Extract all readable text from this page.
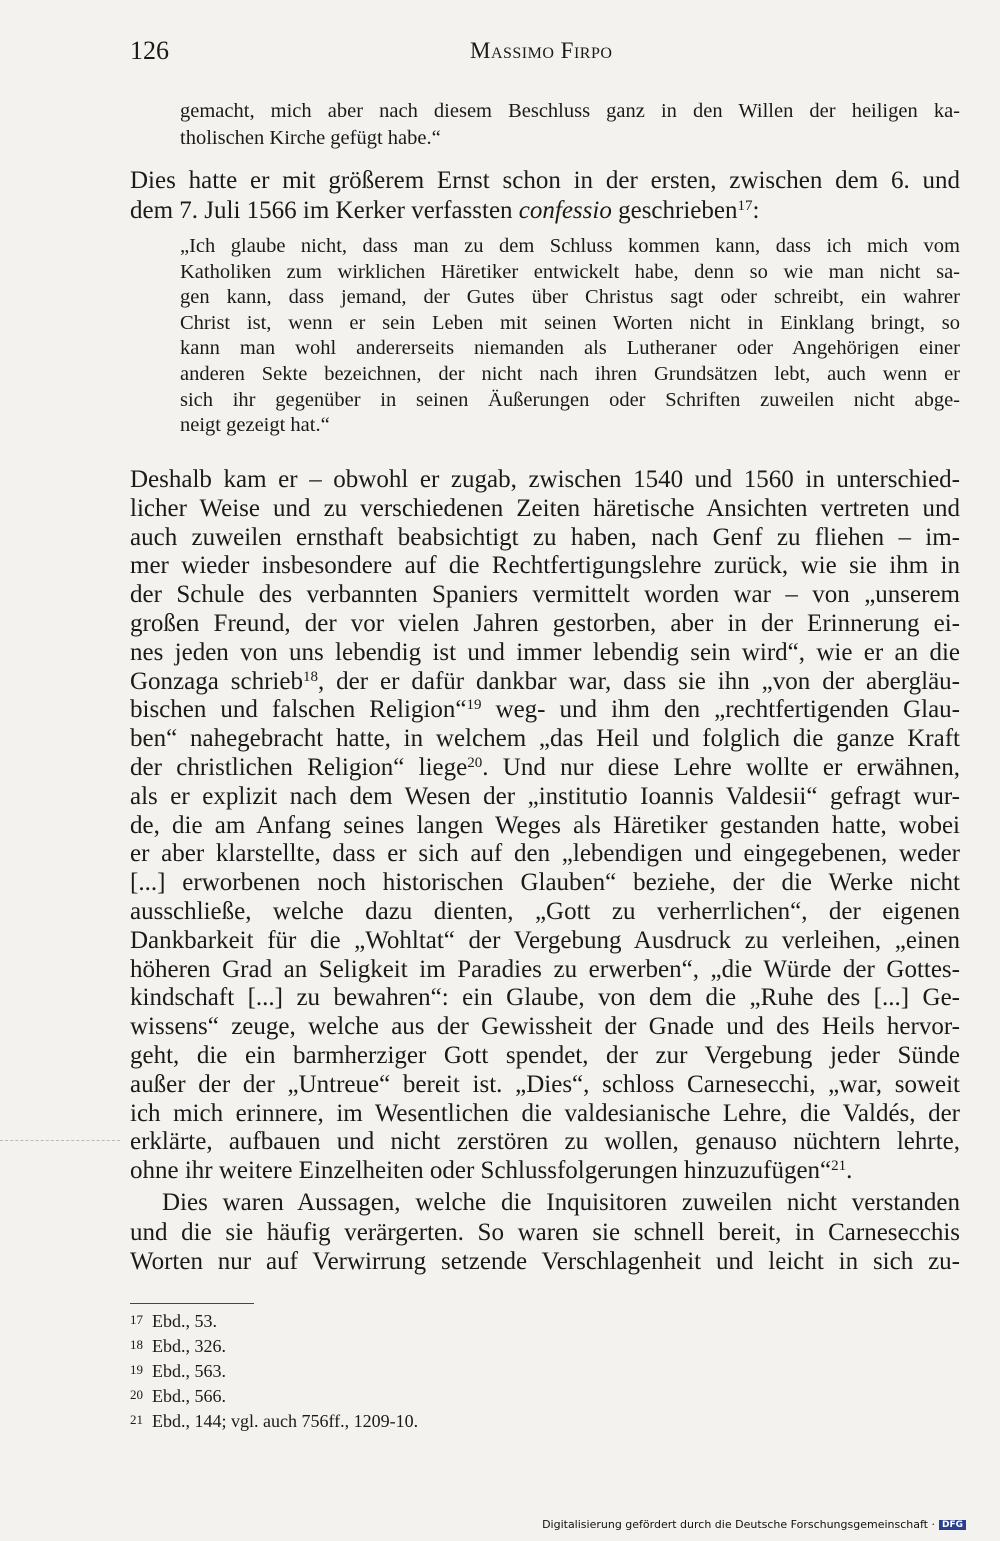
126	Massimo Firpo
gemacht, mich aber nach diesem Beschluss ganz in den Willen der heiligen ka-
tholischen Kirche gefügt habe.“
Dies hatte er mit größerem Ernst schon in der ersten, zwischen dem 6. und
dem 7. Juli 1566 im Kerker verfassten confessio geschrieben$^{17}$:
„Ich glaube nicht, dass man zu dem Schluss kommen kann, dass ich mich vom
Katholiken zum wirklichen Häretiker entwickelt habe, denn so wie man nicht sa-
gen kann, dass jemand, der Gutes über Christus sagt oder schreibt, ein wahrer
Christ ist, wenn er sein Leben mit seinen Worten nicht in Einklang bringt, so
kann man wohl andererseits niemanden als Lutheraner oder Angehörigen einer
anderen Sekte bezeichnen, der nicht nach ihren Grundsätzen lebt, auch wenn er
sich ihr gegenüber in seinen Äußerungen oder Schriften zuweilen nicht abge-
neigt gezeigt hat.“
Deshalb kam er – obwohl er zugab, zwischen 1540 und 1560 in unterschied-
licher Weise und zu verschiedenen Zeiten häretische Ansichten vertreten und
auch zuweilen ernsthaft beabsichtigt zu haben, nach Genf zu fliehen – im-
mer wieder insbesondere auf die Rechtfertigungslehre zurück, wie sie ihm in
der Schule des verbannten Spaniers vermittelt worden war – von „unserem
großen Freund, der vor vielen Jahren gestorben, aber in der Erinnerung ei-
nes jeden von uns lebendig ist und immer lebendig sein wird“, wie er an die
Gonzaga schrieb$^{18}$, der er dafür dankbar war, dass sie ihn „von der abergläu-
bischen und falschen Religion“$^{19}$ weg- und ihm den „rechtfertigenden Glau-
ben“ nahegebracht hatte, in welchem „das Heil und folglich die ganze Kraft
der christlichen Religion“ liege$^{20}$. Und nur diese Lehre wollte er erwähnen,
als er explizit nach dem Wesen der „institutio Ioannis Valdesii“ gefragt wur-
de, die am Anfang seines langen Weges als Häretiker gestanden hatte, wobei
er aber klarstellte, dass er sich auf den „lebendigen und eingegebenen, weder
[...] erworbenen noch historischen Glauben“ beziehe, der die Werke nicht
ausschließe, welche dazu dienten, „Gott zu verherrlichen“, der eigenen
Dankbarkeit für die „Wohltat“ der Vergebung Ausdruck zu verleihen, „einen
höheren Grad an Seligkeit im Paradies zu erwerben“, „die Würde der Gottes-
kindschaft [...] zu bewahren“: ein Glaube, von dem die „Ruhe des [...] Ge-
wissens“ zeuge, welche aus der Gewissheit der Gnade und des Heils hervor-
geht, die ein barmherziger Gott spendet, der zur Vergebung jeder Sünde
außer der der „Untreue“ bereit ist. „Dies“, schloss Carnesecchi, „war, soweit
ich mich erinnere, im Wesentlichen die valdesianische Lehre, die Valdés, der
erklärte, aufbauen und nicht zerstören zu wollen, genauso nüchtern lehrte,
ohne ihr weitere Einzelheiten oder Schlussfolgerungen hinzuzufügen“$^{21}$.
Dies waren Aussagen, welche die Inquisitoren zuweilen nicht verstanden
und die sie häufig verärgerten. So waren sie schnell bereit, in Carnesecchis
Worten nur auf Verwirrung setzende Verschlagenheit und leicht in sich zu-
17 Ebd., 53.
18 Ebd., 326.
19 Ebd., 563.
20 Ebd., 566.
21 Ebd., 144; vgl. auch 756ff., 1209-10.
Digitalisierung gefördert durch die Deutsche Forschungsgemeinschaft · DFG
